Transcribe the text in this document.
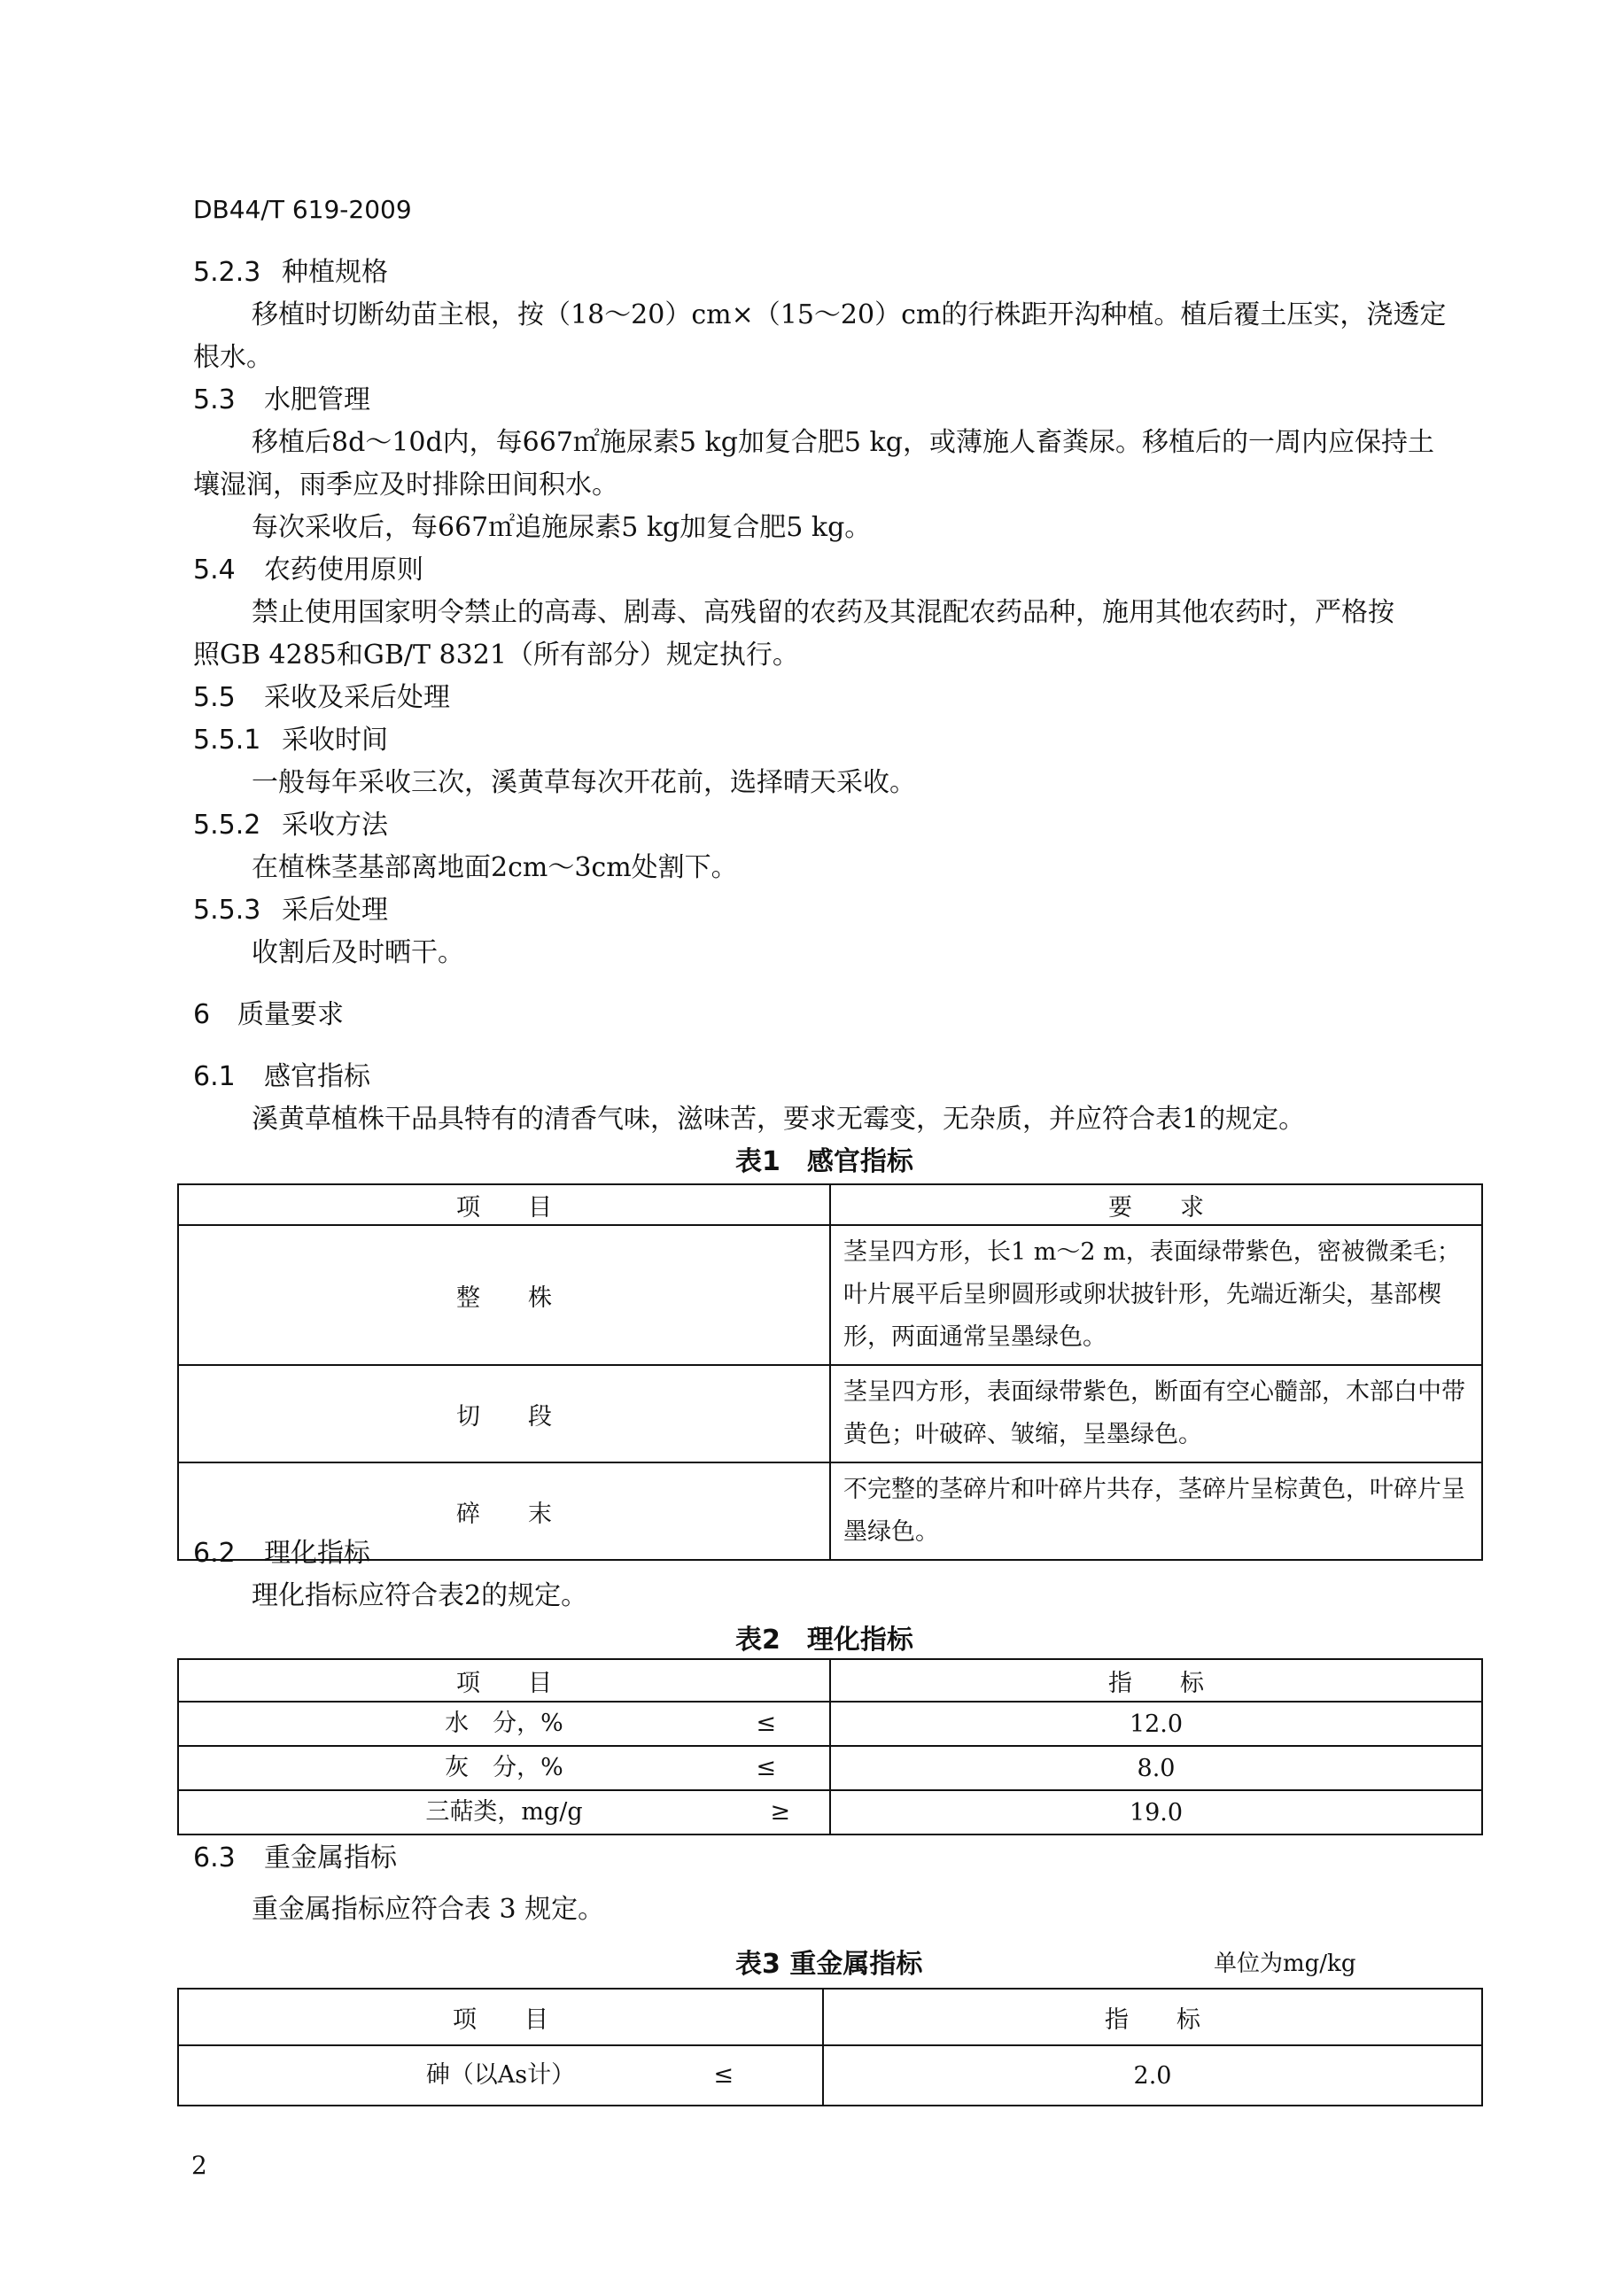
DB44/T 619-2009
5.2.3 种植规格
移植时切断幼苗主根，按（18～20）cm×（15～20）cm的行株距开沟种植。植后覆土压实，浇透定
根水。
5.3 水肥管理
移植后8d～10d内，每667㎡施尿素5 kg加复合肥5 kg，或薄施人畜粪尿。移植后的一周内应保持土
壤湿润，雨季应及时排除田间积水。
每次采收后，每667㎡追施尿素5 kg加复合肥5 kg。
5.4 农药使用原则
禁止使用国家明令禁止的高毒、剧毒、高残留的农药及其混配农药品种，施用其他农药时，严格按
照GB 4285和GB/T 8321（所有部分）规定执行。
5.5 采收及采后处理
5.5.1 采收时间
一般每年采收三次，溪黄草每次开花前，选择晴天采收。
5.5.2 采收方法
在植株茎基部离地面2cm～3cm处割下。
5.5.3 采后处理
收割后及时晒干。
6 质量要求
6.1 感官指标
溪黄草植株干品具特有的清香气味，滋味苦，要求无霉变，无杂质，并应符合表1的规定。
表1　感官指标
项　　目	要　　求
整　　株	茎呈四方形，长1 m～2 m，表面绿带紫色，密被微柔毛；叶片展平后呈卵圆形或卵状披针形，先端近渐尖，基部楔形，两面通常呈墨绿色。
切　　段	茎呈四方形，表面绿带紫色，断面有空心髓部，木部白中带黄色；叶破碎、皱缩，呈墨绿色。
碎　　末	不完整的茎碎片和叶碎片共存，茎碎片呈棕黄色，叶碎片呈墨绿色。
6.2 理化指标
理化指标应符合表2的规定。
表2　理化指标
项　　目	指　　标

水　分，% ≤	12.0

灰　分，% ≤	8.0

三萜类，mg/g ≥	19.0
6.3 重金属指标
重金属指标应符合表 3 规定。
表3 重金属指标	单位为mg/kg
项　　目	指　　标

砷（以As计） ≤	2.0
2
